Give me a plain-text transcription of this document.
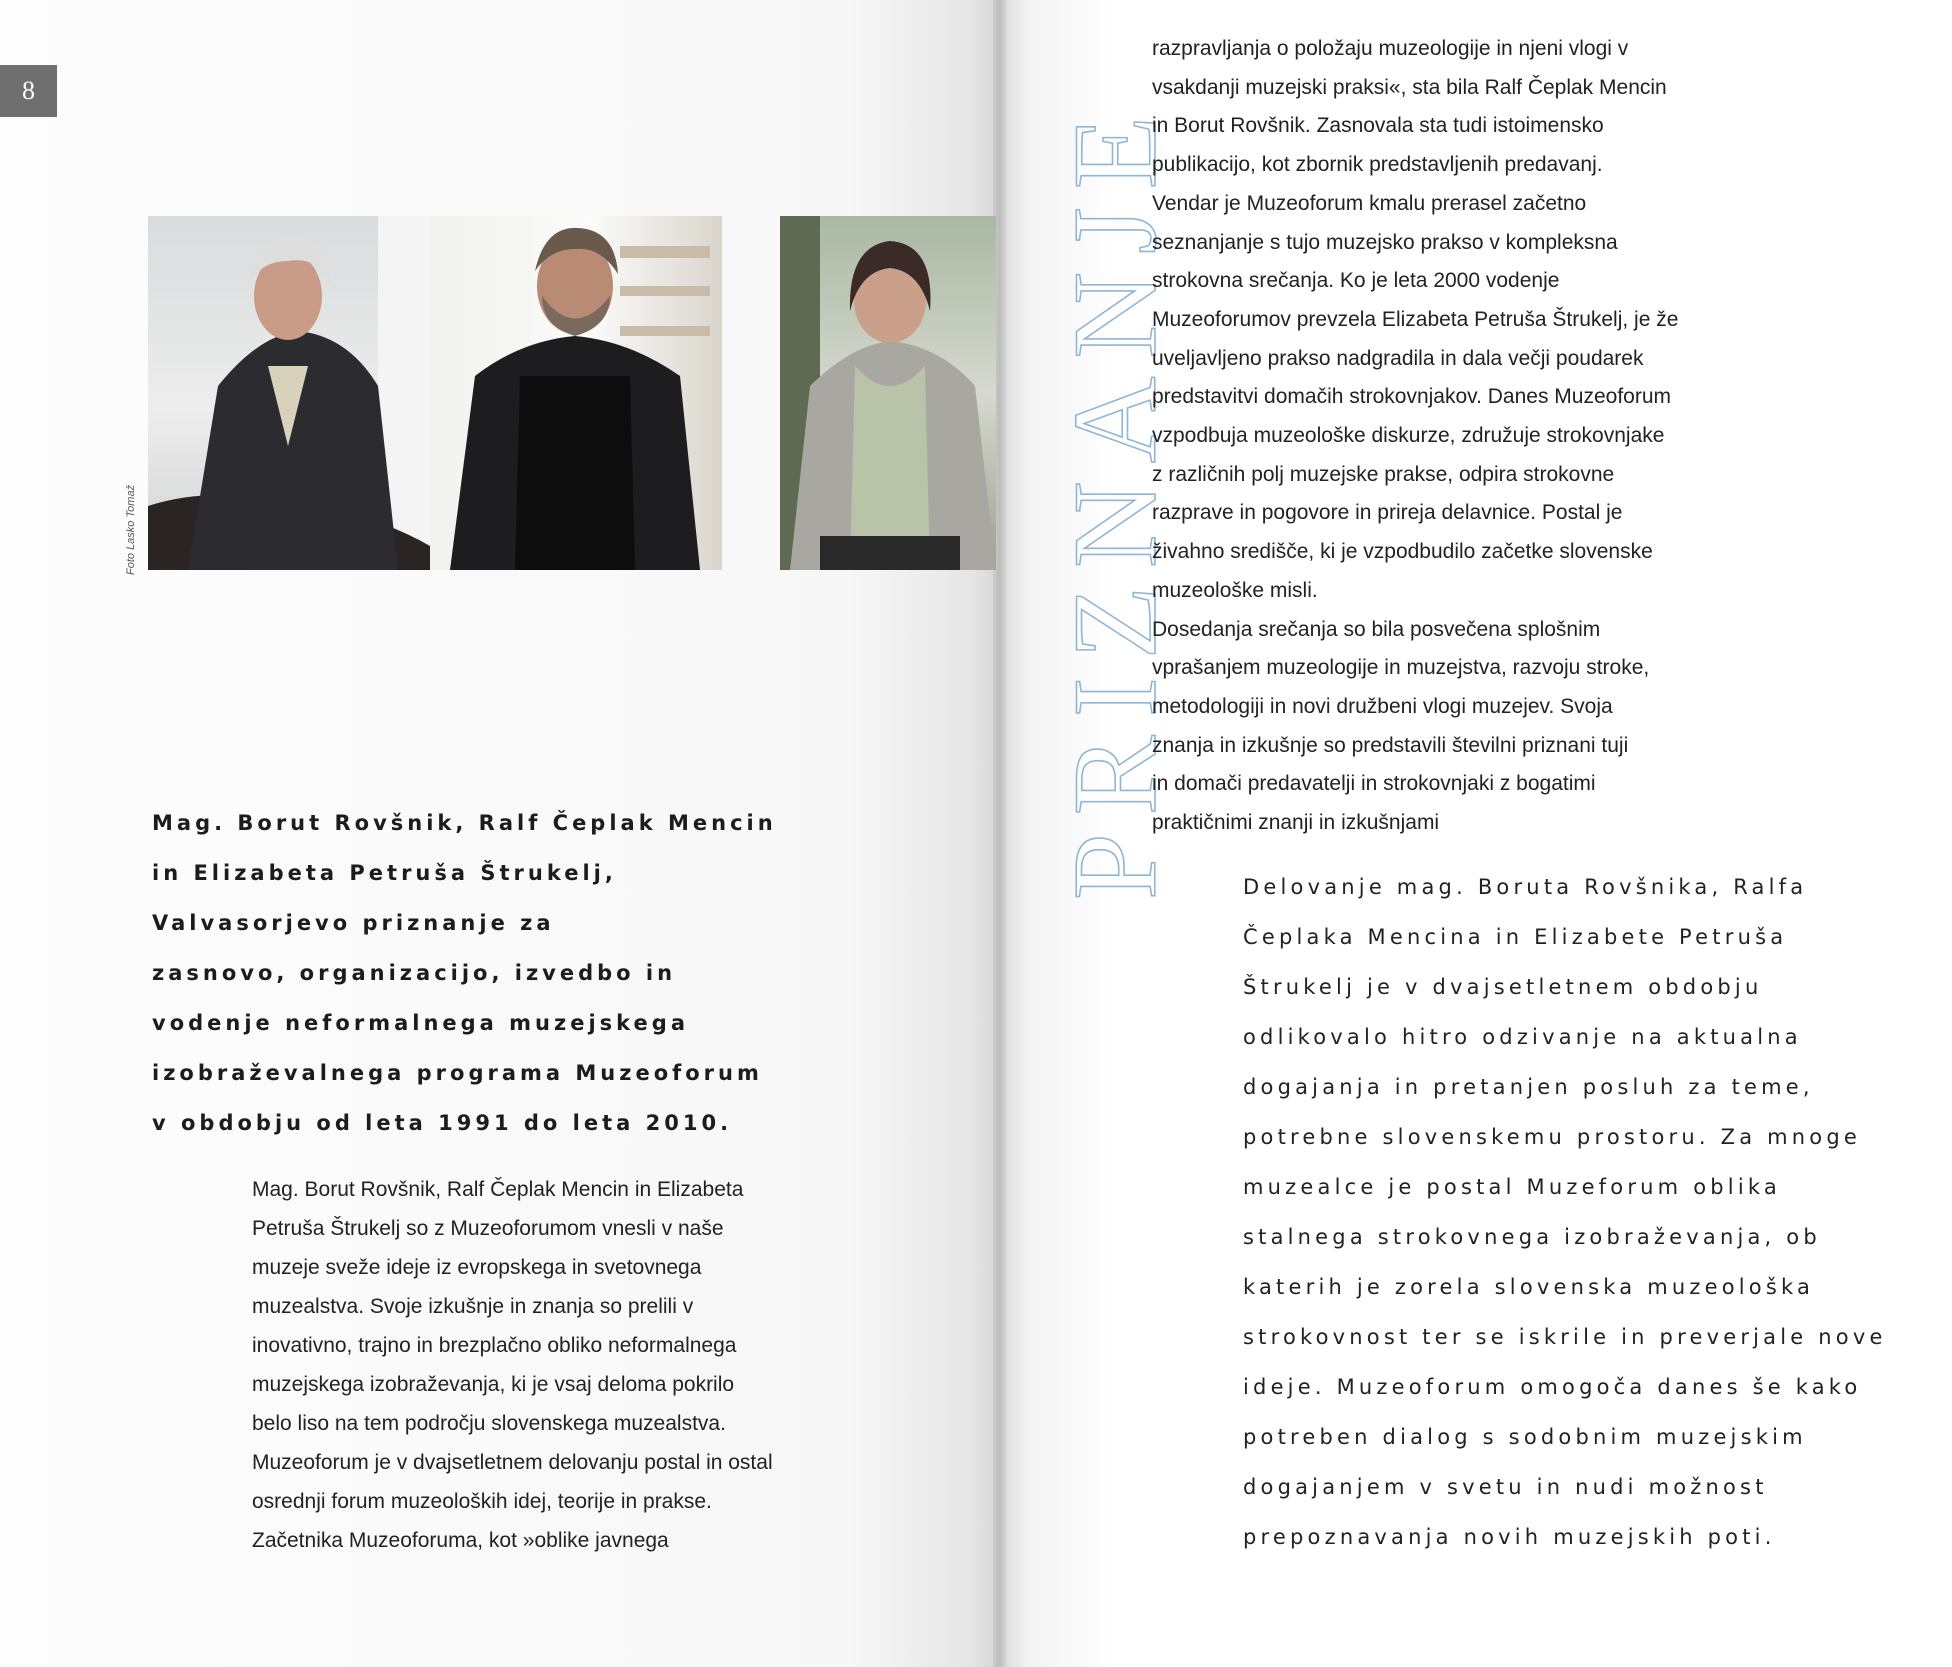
8
Foto Lasko Tomaž
Mag. Borut Rovšnik, Ralf Čeplak Mencin
in Elizabeta Petruša Štrukelj,
Valvasorjevo priznanje za
zasnovo, organizacijo, izvedbo in
vodenje neformalnega muzejskega
izobraževalnega programa Muzeoforum
v obdobju od leta 1991 do leta 2010.
Mag. Borut Rovšnik, Ralf Čeplak Mencin in Elizabeta
Petruša Štrukelj so z Muzeoforumom vnesli v naše
muzeje sveže ideje iz evropskega in svetovnega
muzealstva. Svoje izkušnje in znanja so prelili v
inovativno, trajno in brezplačno obliko neformalnega
muzejskega izobraževanja, ki je vsaj deloma pokrilo
belo liso na tem področju slovenskega muzealstva.
Muzeoforum je v dvajsetletnem delovanju postal in ostal
osrednji forum muzeoloških idej, teorije in prakse.
Začetnika Muzeoforuma, kot »oblike javnega
PRIZNANJE
razpravljanja o položaju muzeologije in njeni vlogi v
vsakdanji muzejski praksi«, sta bila Ralf Čeplak Mencin
in Borut Rovšnik. Zasnovala sta tudi istoimensko
publikacijo, kot zbornik predstavljenih predavanj.
Vendar je Muzeoforum kmalu prerasel začetno
seznanjanje s tujo muzejsko prakso v kompleksna
strokovna srečanja. Ko je leta 2000 vodenje
Muzeoforumov prevzela Elizabeta Petruša Štrukelj, je že
uveljavljeno prakso nadgradila in dala večji poudarek
predstavitvi domačih strokovnjakov. Danes Muzeoforum
vzpodbuja muzeološke diskurze, združuje strokovnjake
z različnih polj muzejske prakse, odpira strokovne
razprave in pogovore in prireja delavnice. Postal je
živahno središče, ki je vzpodbudilo začetke slovenske
muzeološke misli.
Dosedanja srečanja so bila posvečena splošnim
vprašanjem muzeologije in muzejstva, razvoju stroke,
metodologiji in novi družbeni vlogi muzejev. Svoja
znanja in izkušnje so predstavili številni priznani tuji
in domači predavatelji in strokovnjaki z bogatimi
praktičnimi znanji in izkušnjami
Delovanje mag. Boruta Rovšnika, Ralfa
Čeplaka Mencina in Elizabete Petruša
Štrukelj je v dvajsetletnem obdobju
odlikovalo hitro odzivanje na aktualna
dogajanja in pretanjen posluh za teme,
potrebne slovenskemu prostoru. Za mnoge
muzealce je postal Muzeforum oblika
stalnega strokovnega izobraževanja, ob
katerih je zorela slovenska muzeološka
strokovnost ter se iskrile in preverjale nove
ideje. Muzeoforum omogoča danes še kako
potreben dialog s sodobnim muzejskim
dogajanjem v svetu in nudi možnost
prepoznavanja novih muzejskih poti.
